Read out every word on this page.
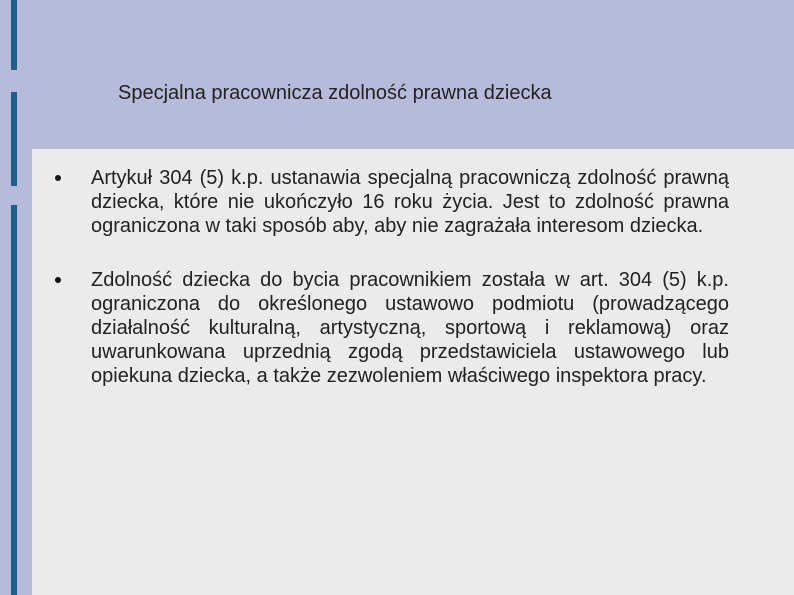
Specjalna pracownicza zdolność prawna dziecka
Artykuł 304 (5) k.p. ustanawia specjalną pracowniczą zdolność prawną dziecka, które nie ukończyło 16 roku życia. Jest to zdolność prawna ograniczona w taki sposób aby, aby nie zagrażała interesom dziecka.
Zdolność dziecka do bycia pracownikiem została w art. 304 (5) k.p. ograniczona do określonego ustawowo podmiotu (prowadzącego działalność kulturalną, artystyczną, sportową i reklamową) oraz uwarunkowana uprzednią zgodą przedstawiciela ustawowego lub opiekuna dziecka, a także zezwoleniem właściwego inspektora pracy.
